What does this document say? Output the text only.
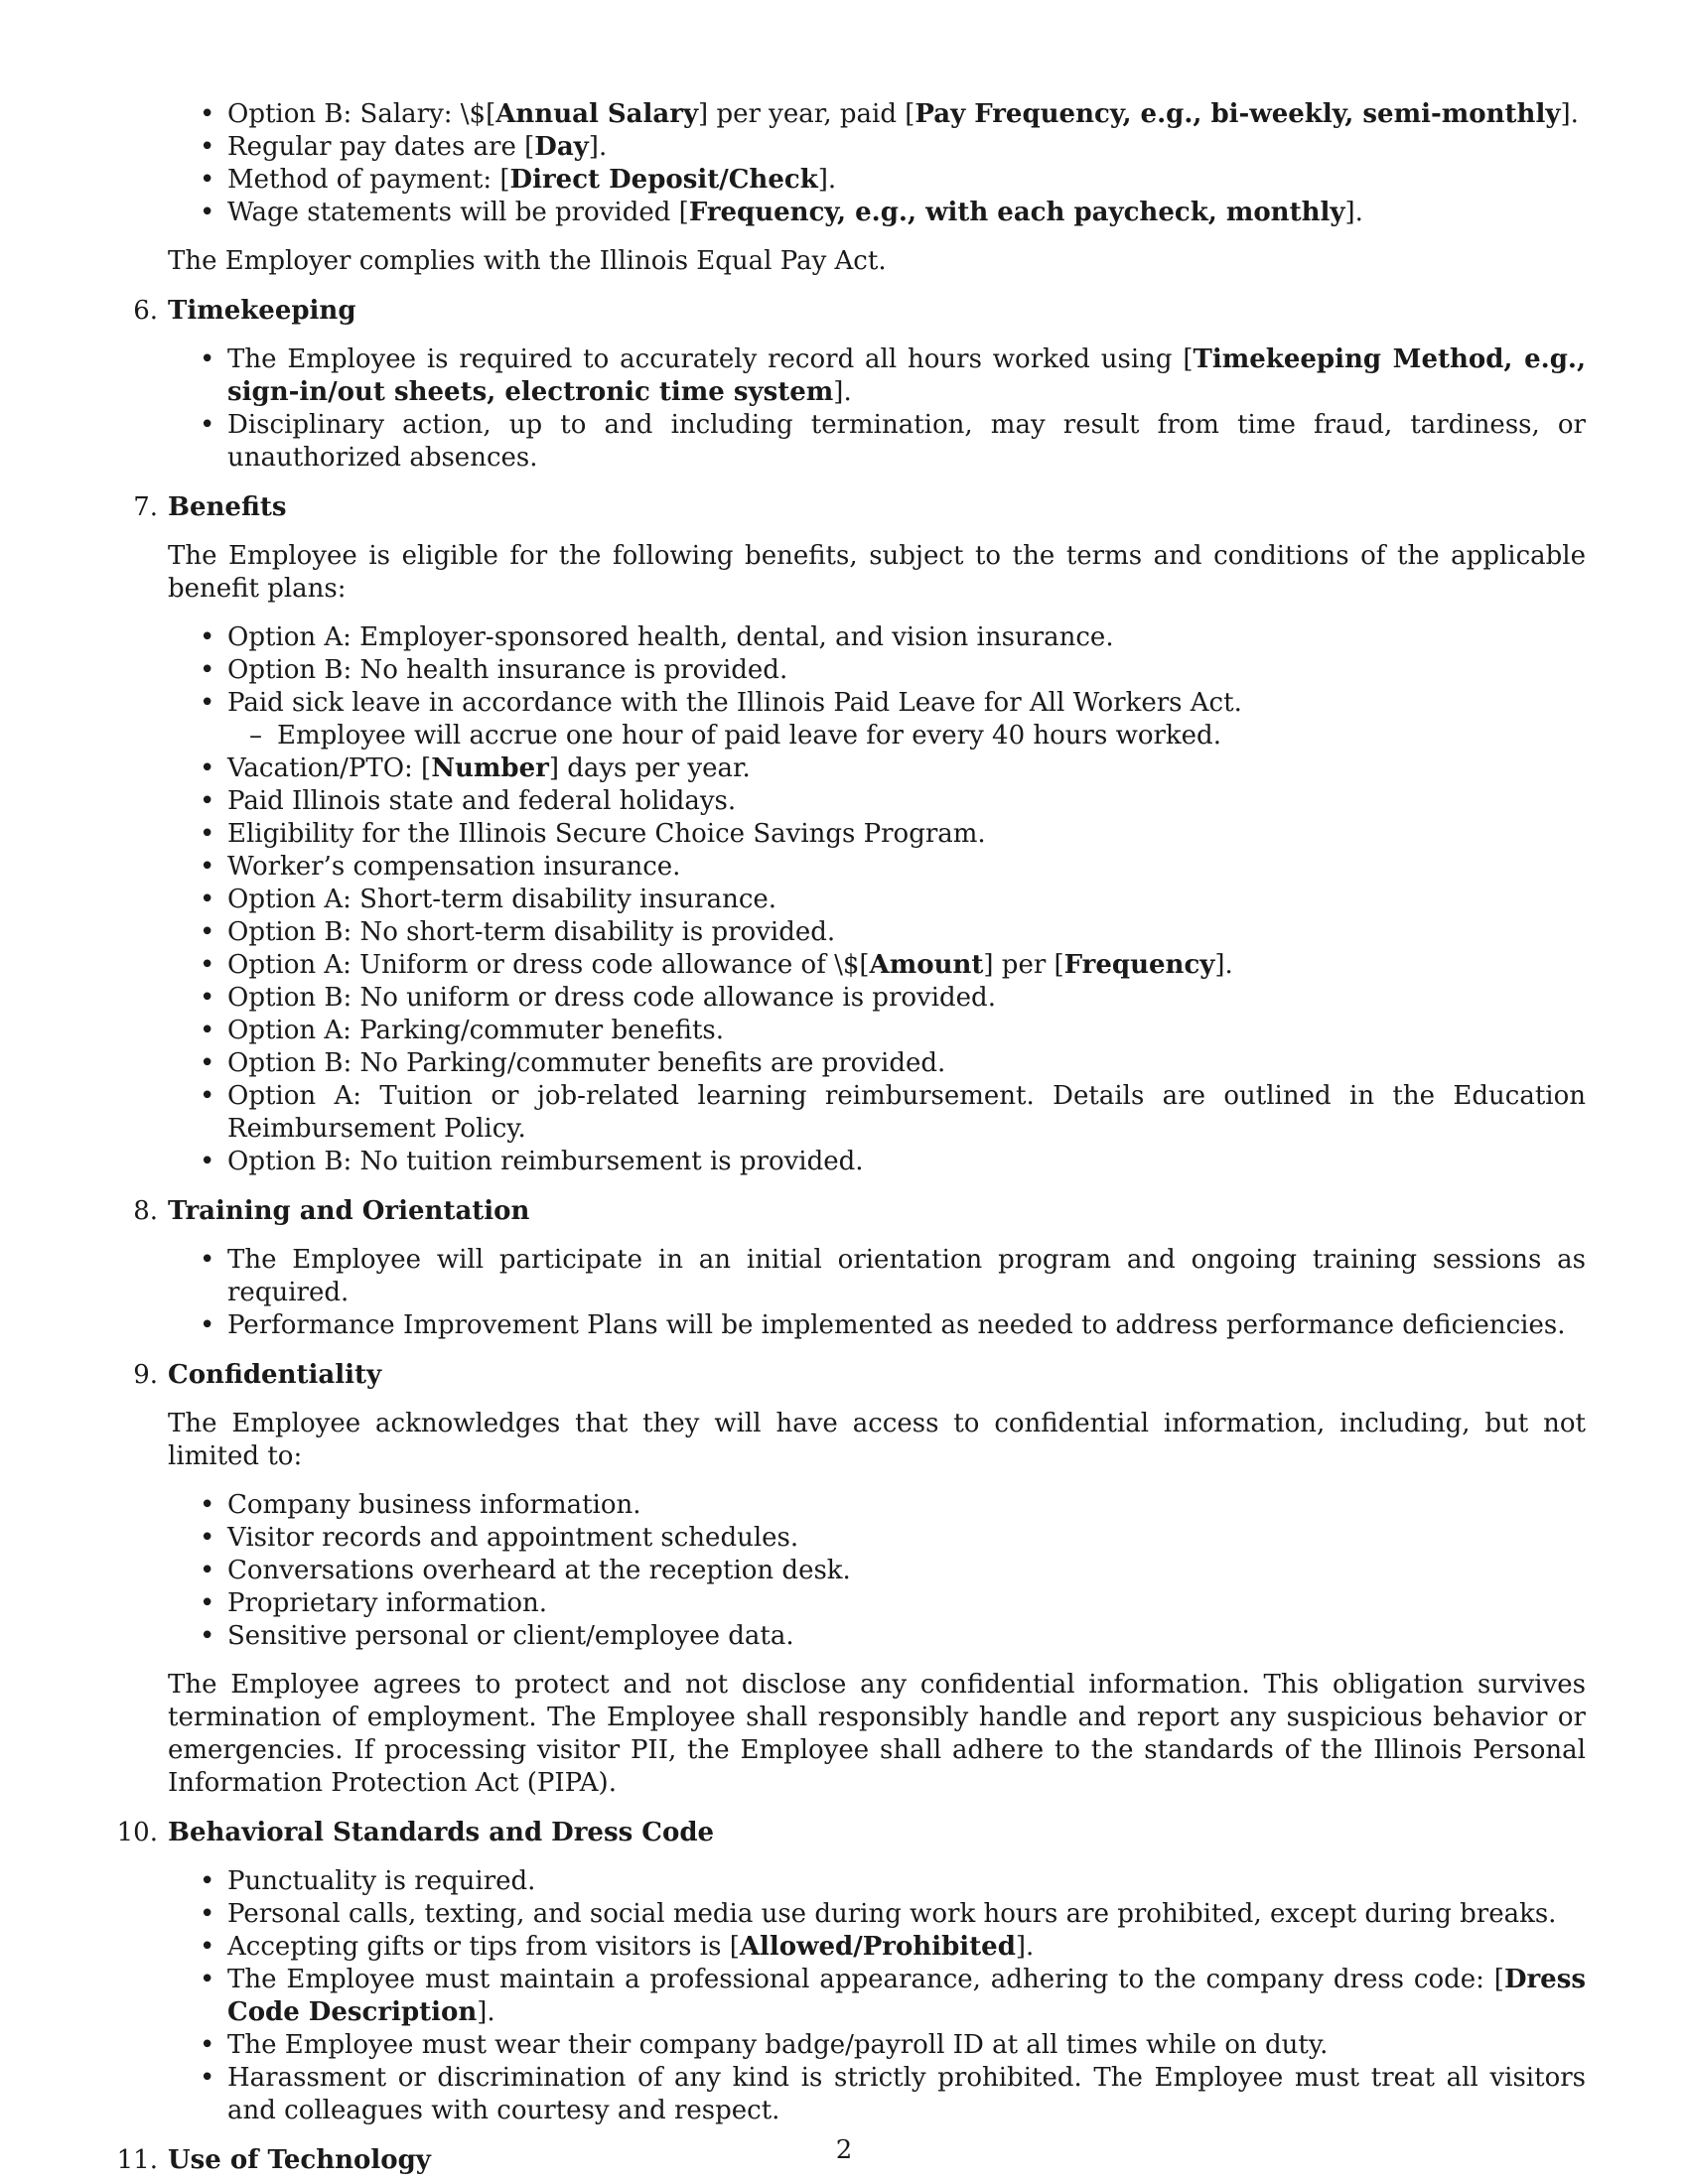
• Option B: Salary: \$[Annual Salary] per year, paid [Pay Frequency, e.g., bi-weekly, semi-monthly].
• Regular pay dates are [Day].
• Method of payment: [Direct Deposit/Check].
• Wage statements will be provided [Frequency, e.g., with each paycheck, monthly].

The Employer complies with the Illinois Equal Pay Act.

6. Timekeeping
• The Employee is required to accurately record all hours worked using [Timekeeping Method, e.g., sign-in/out sheets, electronic time system].
• Disciplinary action, up to and including termination, may result from time fraud, tardiness, or unauthorized absences.
7. Benefits

The Employee is eligible for the following benefits, subject to the terms and conditions of the applicable benefit plans:

• Option A: Employer-sponsored health, dental, and vision insurance.
• Option B: No health insurance is provided.
• Paid sick leave in accordance with the Illinois Paid Leave for All Workers Act.
– Employee will accrue one hour of paid leave for every 40 hours worked.
• Vacation/PTO: [Number] days per year.
• Paid Illinois state and federal holidays.
• Eligibility for the Illinois Secure Choice Savings Program.
• Worker’s compensation insurance.
• Option A: Short-term disability insurance.
• Option B: No short-term disability is provided.
• Option A: Uniform or dress code allowance of \$[Amount] per [Frequency].
• Option B: No uniform or dress code allowance is provided.
• Option A: Parking/commuter benefits.
• Option B: No Parking/commuter benefits are provided.
• Option A: Tuition or job-related learning reimbursement. Details are outlined in the Education Reimbursement Policy.
• Option B: No tuition reimbursement is provided.
8. Training and Orientation
• The Employee will participate in an initial orientation program and ongoing training sessions as required.
• Performance Improvement Plans will be implemented as needed to address performance deficiencies.
9. Confidentiality

The Employee acknowledges that they will have access to confidential information, including, but not limited to:

• Company business information.
• Visitor records and appointment schedules.
• Conversations overheard at the reception desk.
• Proprietary information.
• Sensitive personal or client/employee data.

The Employee agrees to protect and not disclose any confidential information. This obligation survives termination of employment. The Employee shall responsibly handle and report any suspicious behavior or emergencies. If processing visitor PII, the Employee shall adhere to the standards of the Illinois Personal Information Protection Act (PIPA).

10. Behavioral Standards and Dress Code
• Punctuality is required.
• Personal calls, texting, and social media use during work hours are prohibited, except during breaks.
• Accepting gifts or tips from visitors is [Allowed/Prohibited].
• The Employee must maintain a professional appearance, adhering to the company dress code: [Dress Code Description].
• The Employee must wear their company badge/payroll ID at all times while on duty.
• Harassment or discrimination of any kind is strictly prohibited. The Employee must treat all visitors and colleagues with courtesy and respect.
11. Use of Technology	2
